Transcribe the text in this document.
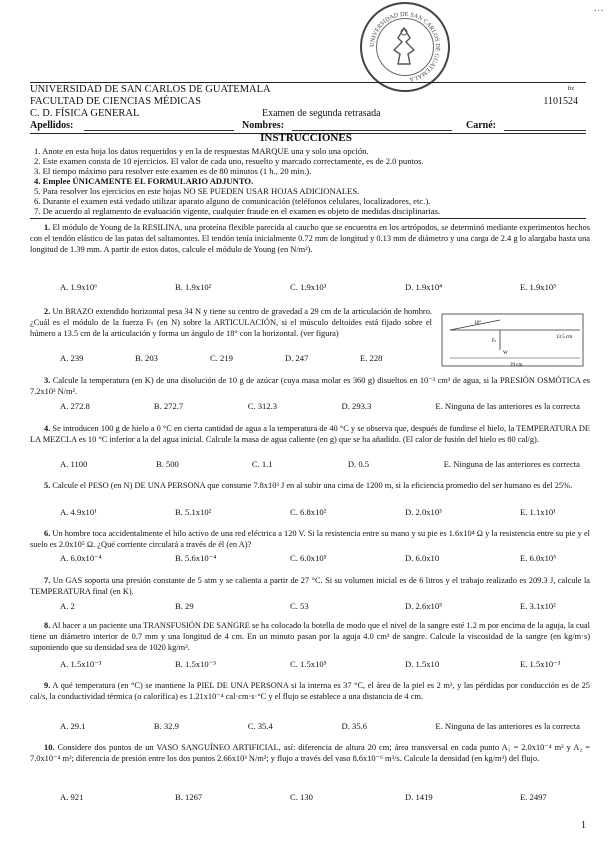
...
UNIVERSIDAD DE SAN CARLOS DE GUATEMALA
UNIVERSIDAD DE SAN CARLOS DE GUATEMALA
FACULTAD DE CIENCIAS MÉDICAS
C. D. FÍSICA GENERAL	Examen de segunda retrasada
fiz
1101524
Apellidos:	Nombres:	Carné:
INSTRUCCIONES
1. Anote en esta hoja los datos requeridos y en la de respuestas MARQUE una y solo una opción.
2. Este examen consta de 10 ejercicios. El valor de cada uno, resuelto y marcado correctamente, es de 2.0 puntos.
3. El tiempo máximo para resolver este examen es de 80 minutos (1 h., 20 min.).
4. Emplee ÚNICAMENTE EL FORMULARIO ADJUNTO.
5. Para resolver los ejercicios en este hojas NO SE PUEDEN USAR HOJAS ADICIONALES.
6. Durante el examen está vedado utilizar aparato alguno de comunicación (teléfonos celulares, localizadores, etc.).
7. De acuerdo al reglamento de evaluación vigente, cualquier fraude en el examen es objeto de medidas disciplinarias.
1. El módulo de Young de la RESILINA, una proteína flexible parecida al caucho que se encuentra en los artrópodos, se determinó mediante experimentos hechos con el tendón elástico de las patas del saltamontes. El tendón tenía inicialmente 0.72 mm de longitud y 0.13 mm de diámetro y una carga de 2.4 g lo alargaba hasta una longitud de 1.39 mm. A partir de estos datos, calcule el módulo de Young (en N/m²).
A. 1.9x10⁶	B. 1.9x10²	C. 1.9x10³	D. 1.9x10⁴	E. 1.9x10⁵
2. Un BRAZO extendido horizontal pesa 34 N y tiene su centro de gravedad a 29 cm de la articulación de hombro. ¿Cuál es el módulo de la fuerza Fₜ (en N) sobre la ARTICULACIÓN, si el músculo deltoides está fijado sobre el húmero a 13.5 cm de la articulación y forma un ángulo de 18° con la horizontal. (ver figura)
18°
Fₜ
W
13.5 cm
29 cm
A. 239	B. 203	C. 219	D. 247	E. 228
3. Calcule la temperatura (en K) de una disolución de 10 g de azúcar (cuya masa molar es 360 g) disueltos en 10⁻³ cm³ de agua, si la PRESIÓN OSMÓTICA es 7.2x10³ N/m².
A. 272.8	B. 272.7	C. 312.3	D. 293.3	E. Ninguna de las anteriores es la correcta
4. Se introducen 100 g de hielo a 0 °C en cierta cantidad de agua a la temperatura de 40 °C y se observa que, después de fundirse el hielo, la TEMPERATURA DE LA MEZCLA es 10 °C inferior a la del agua inicial. Calcule la masa de agua caliente (en g) que se ha añadido. (El calor de fusión del hielo es 80 cal/g).
A. 1100	B. 500	C. 1.1	D. 0.5	E. Ninguna de las anteriores es correcta
5. Calcule el PESO (en N) DE UNA PERSONA que consume 7.8x10³ J en al subir una cima de 1200 m, si la eficiencia promedio del ser humano es del 25%.
A. 4.9x10¹	B. 5.1x10²	C. 6.8x10²	D. 2.0x10³	E. 1.1x10¹
6. Un hombre toca accidentalmente el hilo activo de una red eléctrica a 120 V. Si la resistencia entre su mano y su pie es 1.6x10⁴ Ω y la resistencia entre su pie y el suelo es 2.0x10⁵ Ω. ¿Qué corriente circulará a través de él (en A)?
A. 6.0x10⁻⁴	B. 5.6x10⁻⁴	C. 6.0x10⁵	D. 6.0x10	E. 6.0x10⁵
7. Un GAS soporta una presión constante de 5 atm y se calienta a partir de 27 °C. Si su volumen inicial es de 6 litros y el trabajo realizado es 209.3 J, calcule la TEMPERATURA final (en K).
A. 2	B. 29	C. 53	D. 2.6x10⁵	E. 3.1x10²
8. Al hacer a un paciente una TRANSFUSIÓN DE SANGRE se ha colocado la botella de modo que el nivel de la sangre esté 1.2 m por encima de la aguja, la cual tiene un diámetro interior de 0.7 mm y una longitud de 4 cm. En un minuto pasan por la aguja 4.0 cm³ de sangre. Calcule la viscosidad de la sangre (en kg/m·s) suponiendo que su densidad sea de 1020 kg/m³.
A. 1.5x10⁻³	B. 1.5x10⁻³	C. 1.5x10⁵	D. 1.5x10	E. 1.5x10⁻³
9. A qué temperatura (en °C) se mantiene la PIEL DE UNA PERSONA si la interna es 37 °C, el área de la piel es 2 m², y las pérdidas por conducción es de 25 cal/s, la conductividad térmica (o calorífica) es 1.21x10⁻⁴ cal·cm·s·°C y el flujo se establece a una distancia de 4 cm.
A. 29.1	B. 32.9	C. 35.4	D. 35.6	E. Ninguna de las anteriores es la correcta
10. Considere dos puntos de un VASO SANGUÍNEO ARTIFICIAL, así: diferencia de altura 20 cm; área transversal en cada punto A₁ = 2.0x10⁻⁴ m² y A₂ = 7.0x10⁻⁴ m²; diferencia de presión entre los dos puntos 2.66x10³ N/m²; y flujo a través del vaso 8.6x10⁻⁶ m³/s. Calcule la densidad (en kg/m³) del flujo.
A. 921	B. 1267	C. 130	D. 1419	E. 2497
1
